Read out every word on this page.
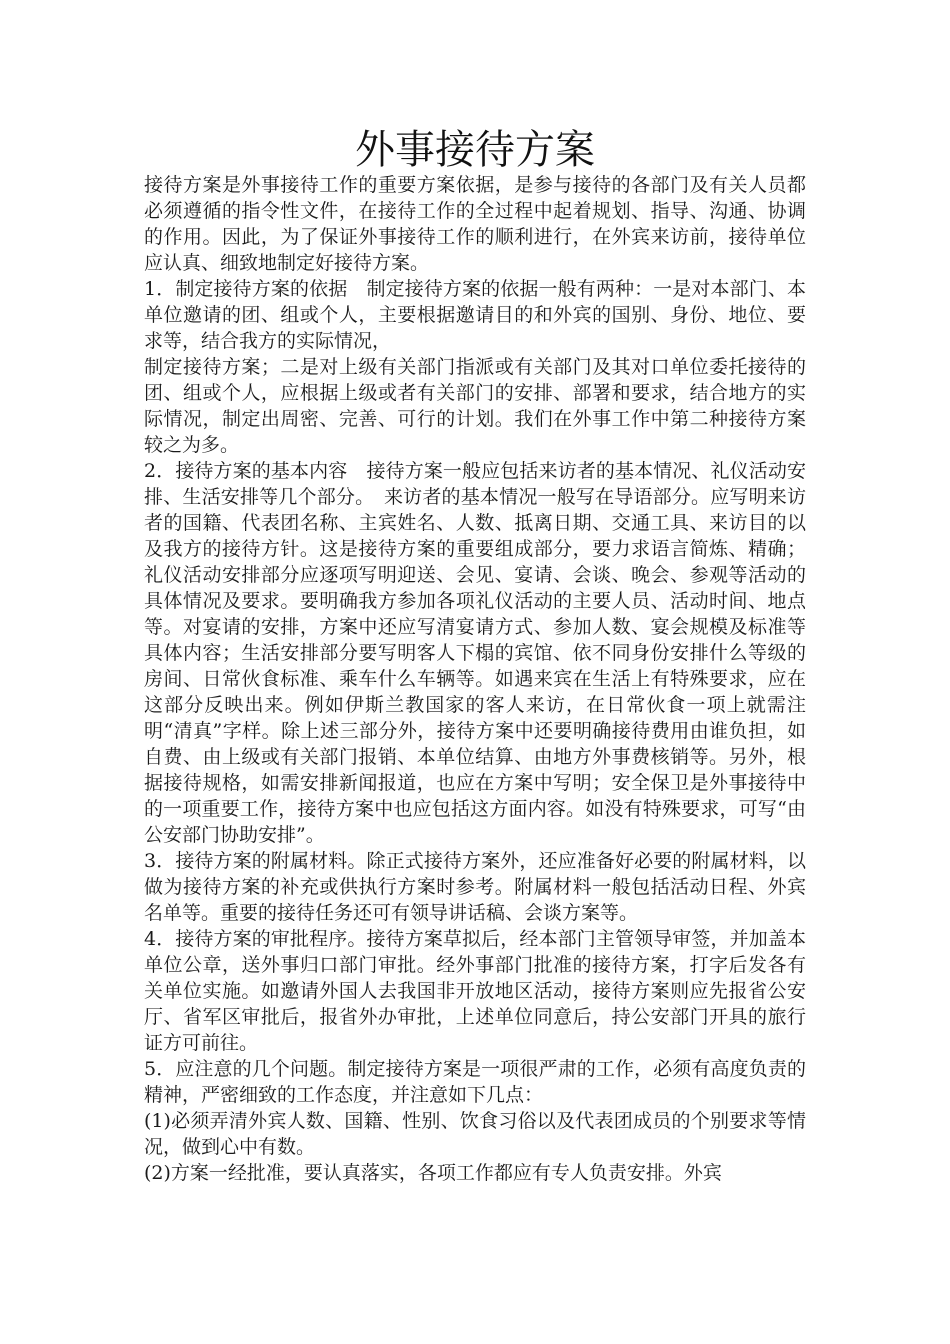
外事接待方案

接待方案是外事接待工作的重要方案依据，是参与接待的各部门及有关人员都必须遵循的指令性文件，在接待工作的全过程中起着规划、指导、沟通、协调的作用。因此，为了保证外事接待工作的顺利进行，在外宾来访前，接待单位应认真、细致地制定好接待方案。

1．制定接待方案的依据　制定接待方案的依据一般有两种：一是对本部门、本单位邀请的团、组或个人，主要根据邀请目的和外宾的国别、身份、地位、要求等，结合我方的实际情况，

制定接待方案；二是对上级有关部门指派或有关部门及其对口单位委托接待的团、组或个人，应根据上级或者有关部门的安排、部署和要求，结合地方的实际情况，制定出周密、完善、可行的计划。我们在外事工作中第二种接待方案较之为多。

2．接待方案的基本内容　接待方案一般应包括来访者的基本情况、礼仪活动安排、生活安排等几个部分。　来访者的基本情况一般写在导语部分。应写明来访者的国籍、代表团名称、主宾姓名、人数、抵离日期、交通工具、来访目的以及我方的接待方针。这是接待方案的重要组成部分，要力求语言简炼、精确；礼仪活动安排部分应逐项写明迎送、会见、宴请、会谈、晚会、参观等活动的具体情况及要求。要明确我方参加各项礼仪活动的主要人员、活动时间、地点等。对宴请的安排，方案中还应写清宴请方式、参加人数、宴会规模及标准等具体内容；生活安排部分要写明客人下榻的宾馆、依不同身份安排什么等级的房间、日常伙食标准、乘车什么车辆等。如遇来宾在生活上有特殊要求，应在这部分反映出来。例如伊斯兰教国家的客人来访，在日常伙食一项上就需注明“清真”字样。除上述三部分外，接待方案中还要明确接待费用由谁负担，如自费、由上级或有关部门报销、本单位结算、由地方外事费核销等。另外，根据接待规格，如需安排新闻报道，也应在方案中写明；安全保卫是外事接待中的一项重要工作，接待方案中也应包括这方面内容。如没有特殊要求，可写“由公安部门协助安排”。

3．接待方案的附属材料。除正式接待方案外，还应准备好必要的附属材料，以做为接待方案的补充或供执行方案时参考。附属材料一般包括活动日程、外宾名单等。重要的接待任务还可有领导讲话稿、会谈方案等。

4．接待方案的审批程序。接待方案草拟后，经本部门主管领导审签，并加盖本单位公章，送外事归口部门审批。经外事部门批准的接待方案，打字后发各有关单位实施。如邀请外国人去我国非开放地区活动，接待方案则应先报省公安厅、省军区审批后，报省外办审批，上述单位同意后，持公安部门开具的旅行证方可前往。

5．应注意的几个问题。制定接待方案是一项很严肃的工作，必须有高度负责的精神，严密细致的工作态度，并注意如下几点：

(1)必须弄清外宾人数、国籍、性别、饮食习俗以及代表团成员的个别要求等情况，做到心中有数。

(2)方案一经批准，要认真落实，各项工作都应有专人负责安排。外宾
